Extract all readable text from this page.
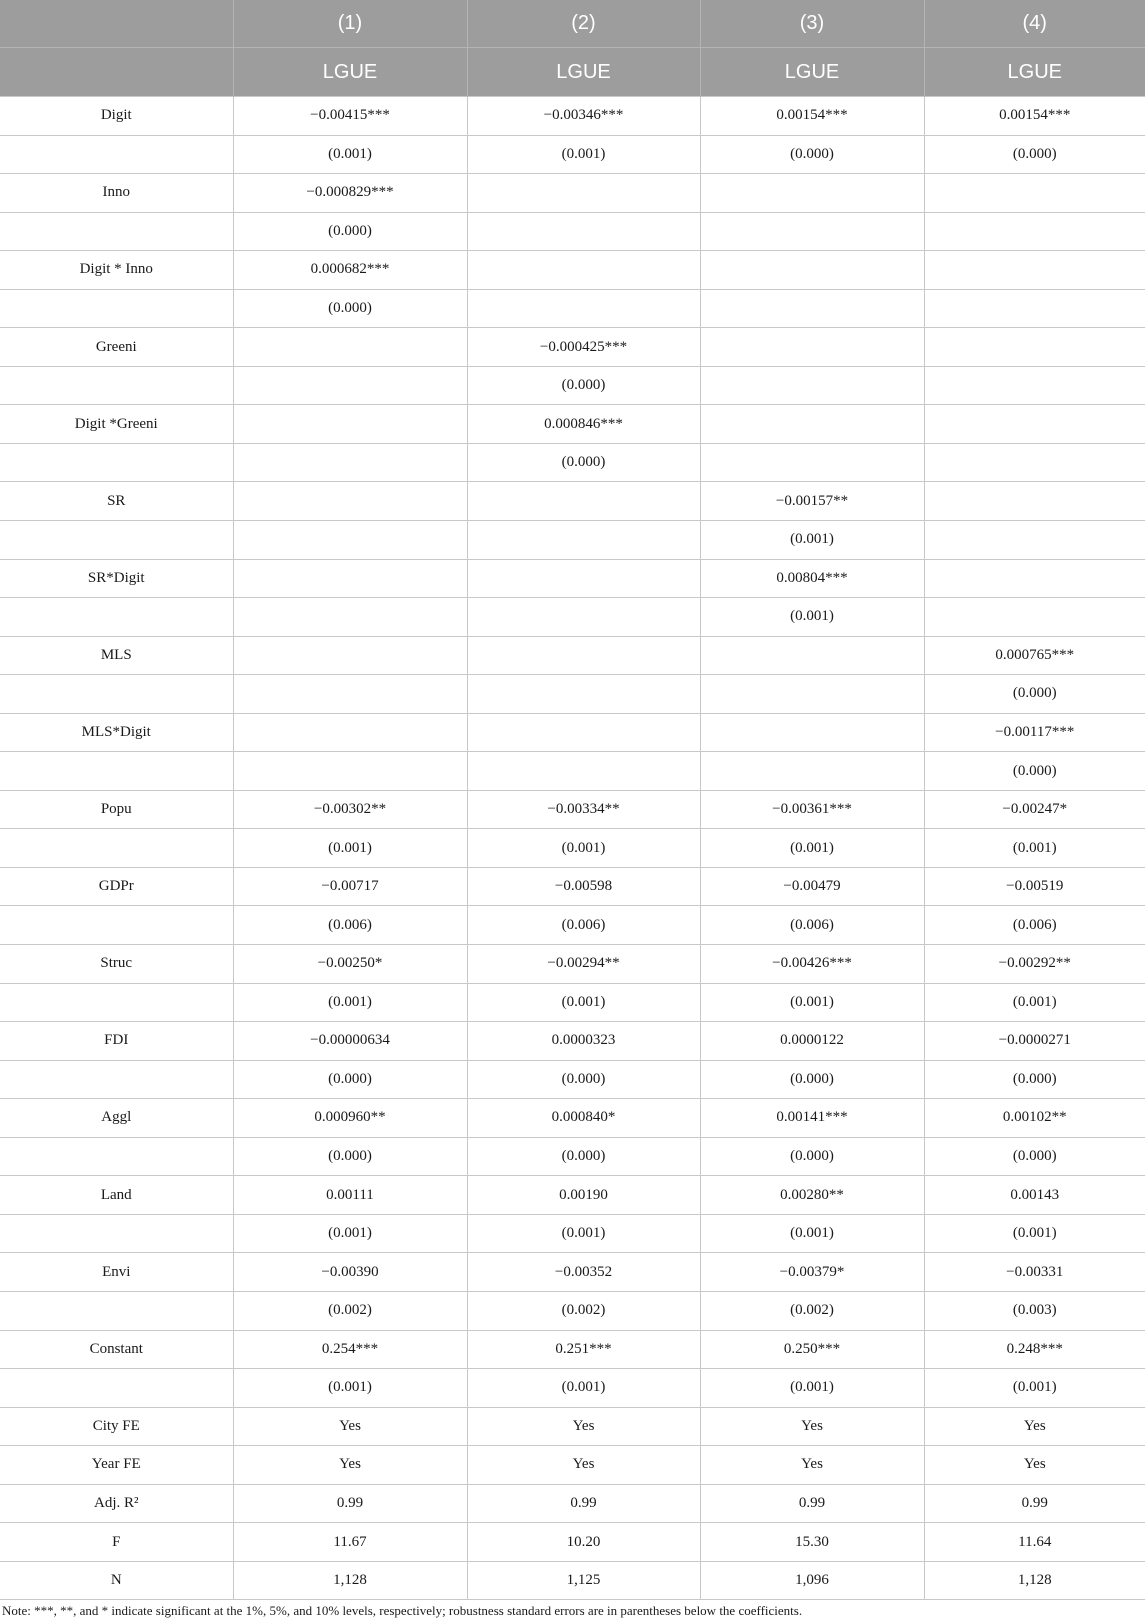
	(1)	(2)	(3)	(4)
	LGUE	LGUE	LGUE	LGUE
Digit	−0.00415***	−0.00346***	0.00154***	0.00154***
	(0.001)	(0.001)	(0.000)	(0.000)
Inno	−0.000829***			
	(0.000)			
Digit * Inno	0.000682***			
	(0.000)			
Greeni		−0.000425***		
		(0.000)		
Digit *Greeni		0.000846***		
		(0.000)		
SR			−0.00157**	
			(0.001)	
SR*Digit			0.00804***	
			(0.001)	
MLS				0.000765***
				(0.000)
MLS*Digit				−0.00117***
				(0.000)
Popu	−0.00302**	−0.00334**	−0.00361***	−0.00247*
	(0.001)	(0.001)	(0.001)	(0.001)
GDPr	−0.00717	−0.00598	−0.00479	−0.00519
	(0.006)	(0.006)	(0.006)	(0.006)
Struc	−0.00250*	−0.00294**	−0.00426***	−0.00292**
	(0.001)	(0.001)	(0.001)	(0.001)
FDI	−0.00000634	0.0000323	0.0000122	−0.0000271
	(0.000)	(0.000)	(0.000)	(0.000)
Aggl	0.000960**	0.000840*	0.00141***	0.00102**
	(0.000)	(0.000)	(0.000)	(0.000)
Land	0.00111	0.00190	0.00280**	0.00143
	(0.001)	(0.001)	(0.001)	(0.001)
Envi	−0.00390	−0.00352	−0.00379*	−0.00331
	(0.002)	(0.002)	(0.002)	(0.003)
Constant	0.254***	0.251***	0.250***	0.248***
	(0.001)	(0.001)	(0.001)	(0.001)
City FE	Yes	Yes	Yes	Yes
Year FE	Yes	Yes	Yes	Yes
Adj. R²	0.99	0.99	0.99	0.99
F	11.67	10.20	15.30	11.64
N	1,128	1,125	1,096	1,128
Note: ***, **, and * indicate significant at the 1%, 5%, and 10% levels, respectively; robustness standard errors are in parentheses below the coefficients.
